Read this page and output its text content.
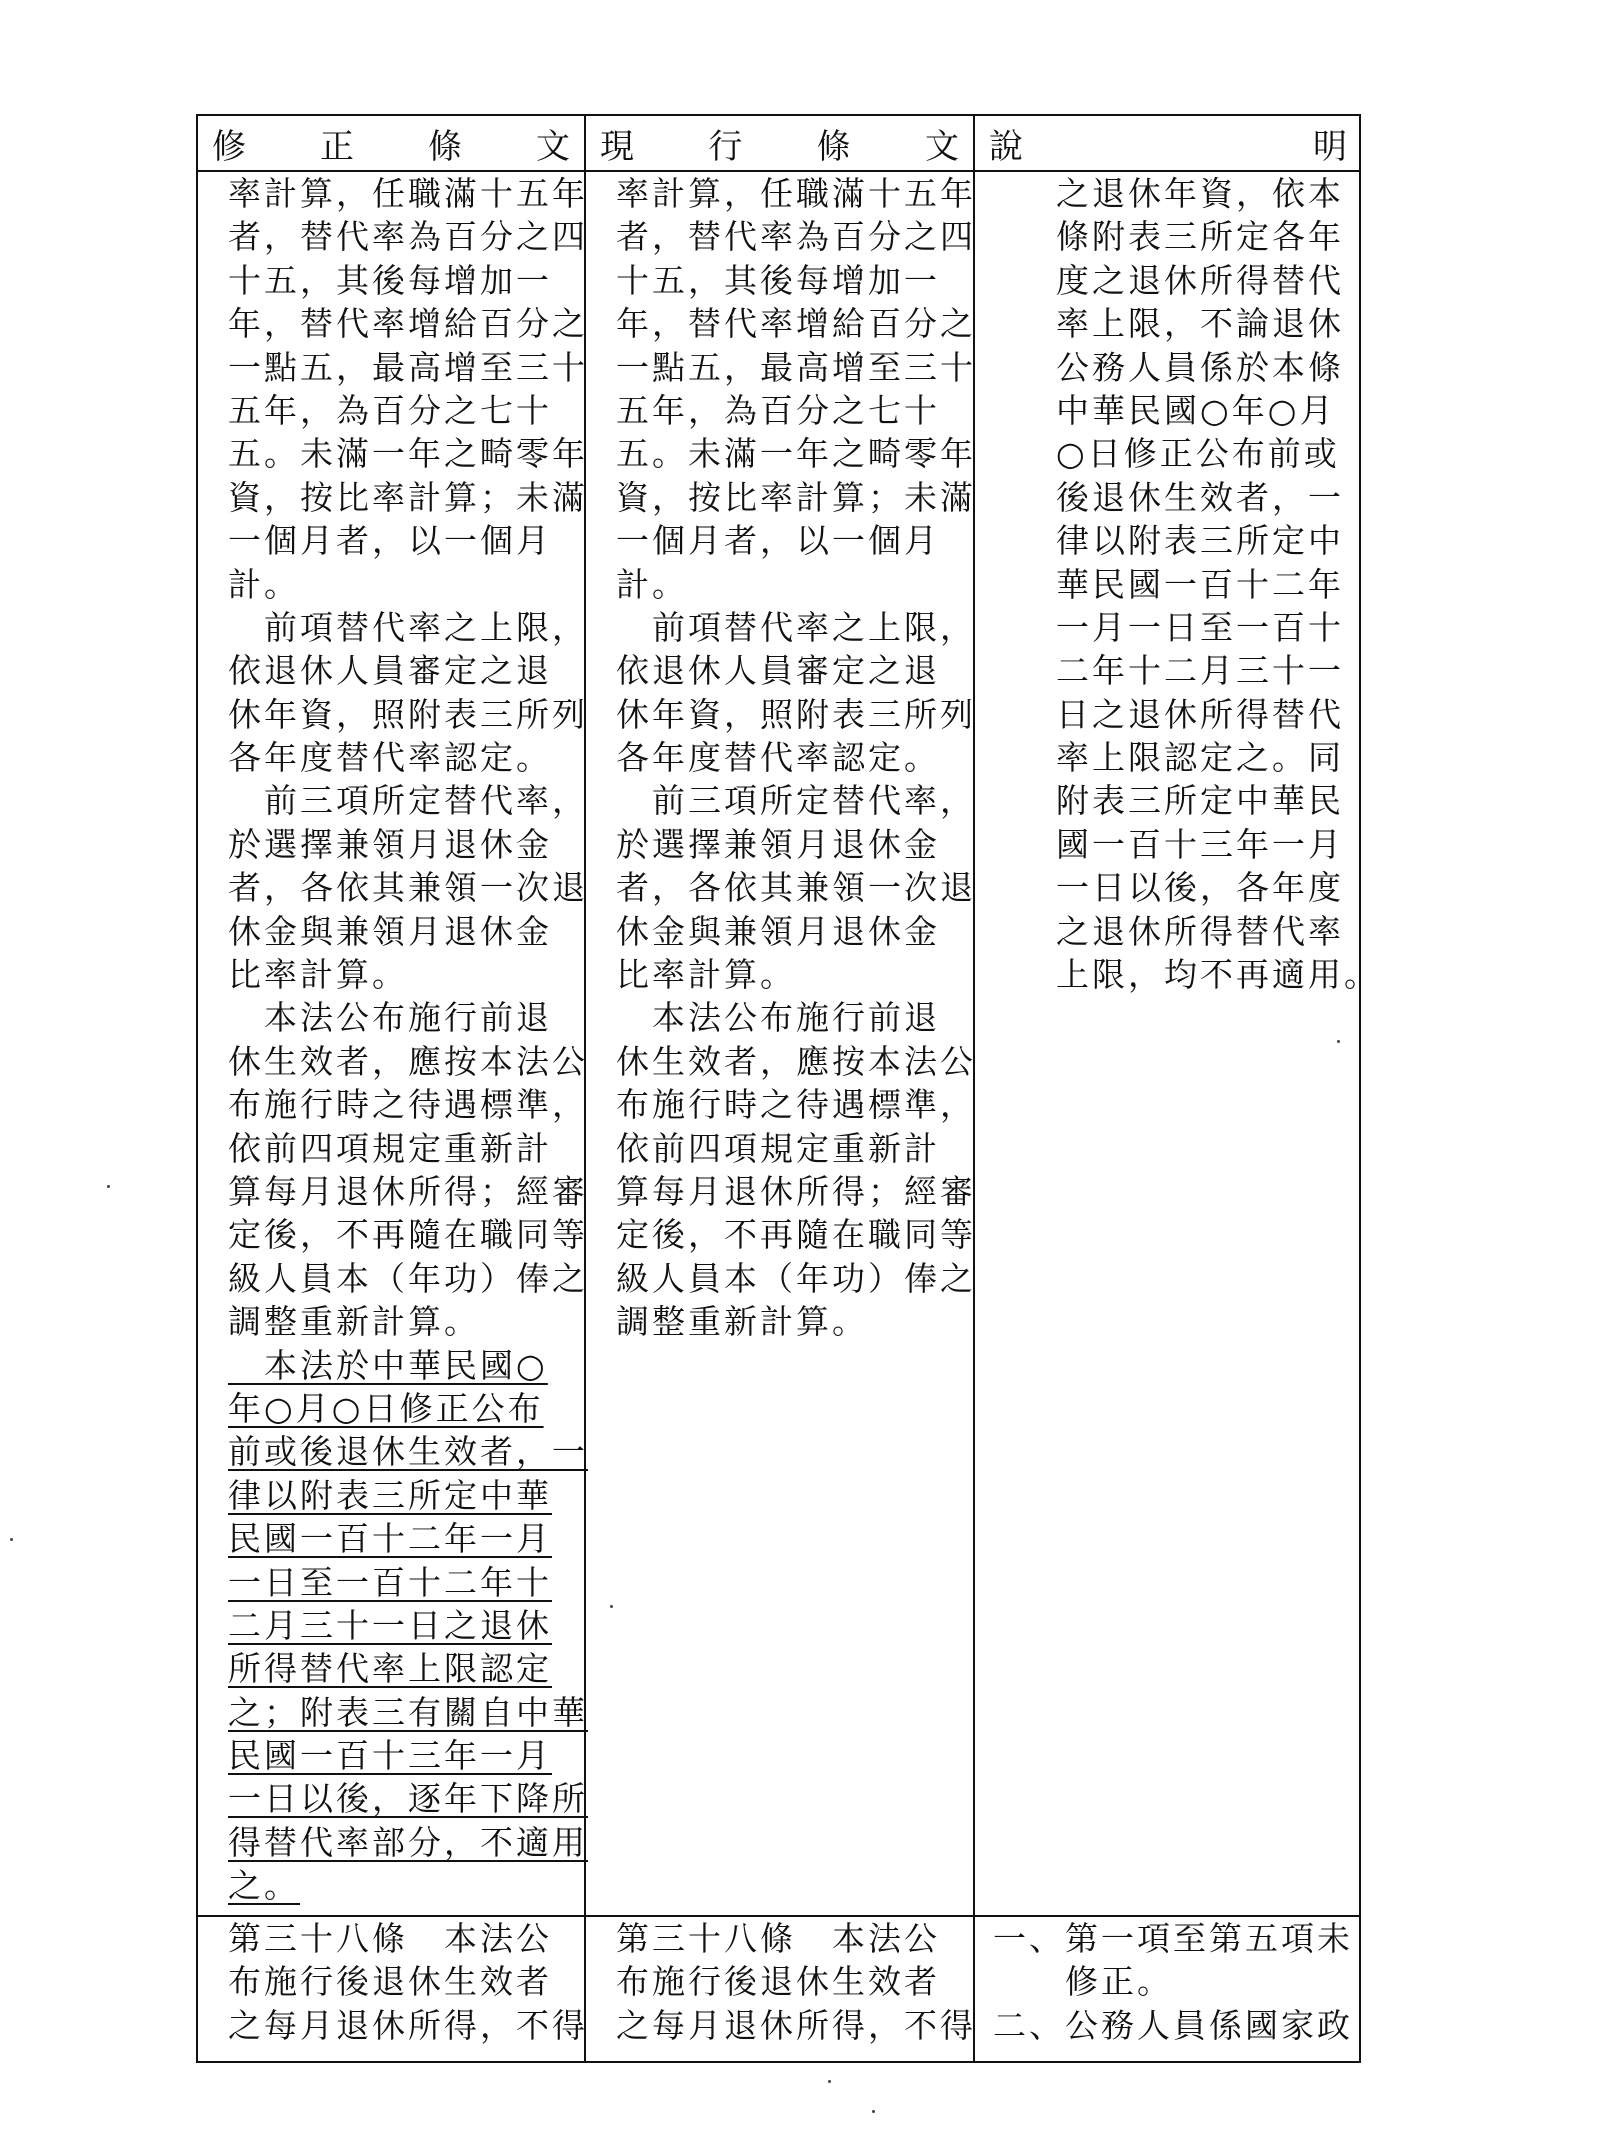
修 正 條 文 現 行 條 文 說	明
率計算，任職滿十五年
者，替代率為百分之四
十五，其後每增加一
年，替代率增給百分之
一點五，最高增至三十
五年，為百分之七十
五。未滿一年之畸零年
資，按比率計算；未滿
一個月者，以一個月
計。
　前項替代率之上限，
依退休人員審定之退
休年資，照附表三所列
各年度替代率認定。
　前三項所定替代率，
於選擇兼領月退休金
者，各依其兼領一次退
休金與兼領月退休金
比率計算。
　本法公布施行前退
休生效者，應按本法公
布施行時之待遇標準，
依前四項規定重新計
算每月退休所得；經審
定後，不再隨在職同等
級人員本（年功）俸之
調整重新計算。
　本法於中華民國○
年○月○日修正公布
前或後退休生效者，一
律以附表三所定中華
民國一百十二年一月
一日至一百十二年十
二月三十一日之退休
所得替代率上限認定
之；附表三有關自中華
民國一百十三年一月
一日以後，逐年下降所
得替代率部分，不適用
之。
率計算，任職滿十五年
者，替代率為百分之四
十五，其後每增加一
年，替代率增給百分之
一點五，最高增至三十
五年，為百分之七十
五。未滿一年之畸零年
資，按比率計算；未滿
一個月者，以一個月
計。
　前項替代率之上限，
依退休人員審定之退
休年資，照附表三所列
各年度替代率認定。
　前三項所定替代率，
於選擇兼領月退休金
者，各依其兼領一次退
休金與兼領月退休金
比率計算。
　本法公布施行前退
休生效者，應按本法公
布施行時之待遇標準，
依前四項規定重新計
算每月退休所得；經審
定後，不再隨在職同等
級人員本（年功）俸之
調整重新計算。
之退休年資，依本
條附表三所定各年
度之退休所得替代
率上限，不論退休
公務人員係於本條
中華民國○年○月
○日修正公布前或
後退休生效者，一
律以附表三所定中
華民國一百十二年
一月一日至一百十
二年十二月三十一
日之退休所得替代
率上限認定之。同
附表三所定中華民
國一百十三年一月
一日以後，各年度
之退休所得替代率
上限，均不再適用。
第三十八條　本法公
布施行後退休生效者
之每月退休所得，不得
第三十八條　本法公
布施行後退休生效者
之每月退休所得，不得
一、第一項至第五項未
　　修正。
二、公務人員係國家政
